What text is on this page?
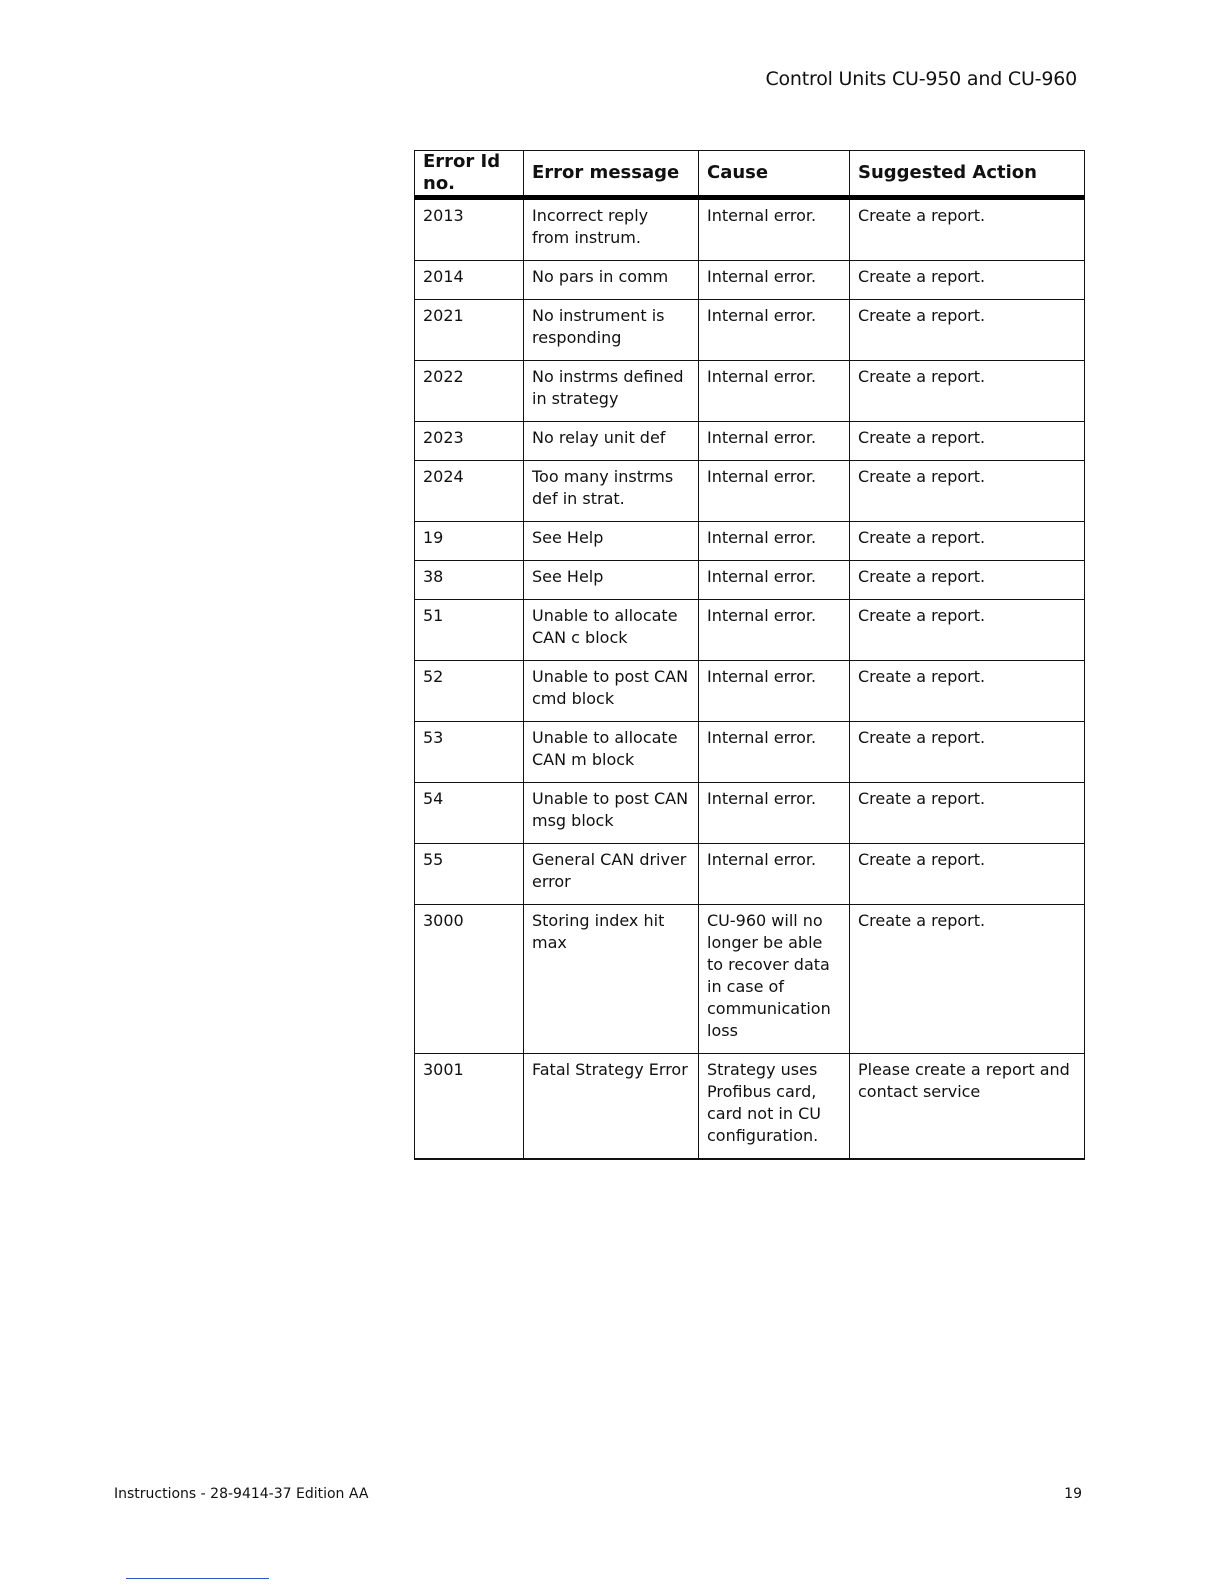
Control Units CU-950 and CU-960
Error Id no.	Error message	Cause	Suggested Action
2013	Incorrect reply from instrum.	Internal error.	Create a report.
2014	No pars in comm	Internal error.	Create a report.
2021	No instrument is responding	Internal error.	Create a report.
2022	No instrms defined in strategy	Internal error.	Create a report.
2023	No relay unit def	Internal error.	Create a report.
2024	Too many instrms def in strat.	Internal error.	Create a report.
19	See Help	Internal error.	Create a report.
38	See Help	Internal error.	Create a report.
51	Unable to allocate CAN c block	Internal error.	Create a report.
52	Unable to post CAN cmd block	Internal error.	Create a report.
53	Unable to allocate CAN m block	Internal error.	Create a report.
54	Unable to post CAN msg block	Internal error.	Create a report.
55	General CAN driver error	Internal error.	Create a report.
3000	Storing index hit max	CU-960 will no longer be able to recover data in case of communication loss	Create a report.
3001	Fatal Strategy Error	Strategy uses Profibus card, card not in CU configuration.	Please create a report and contact service
Instructions - 28-9414-37 Edition AA	19
